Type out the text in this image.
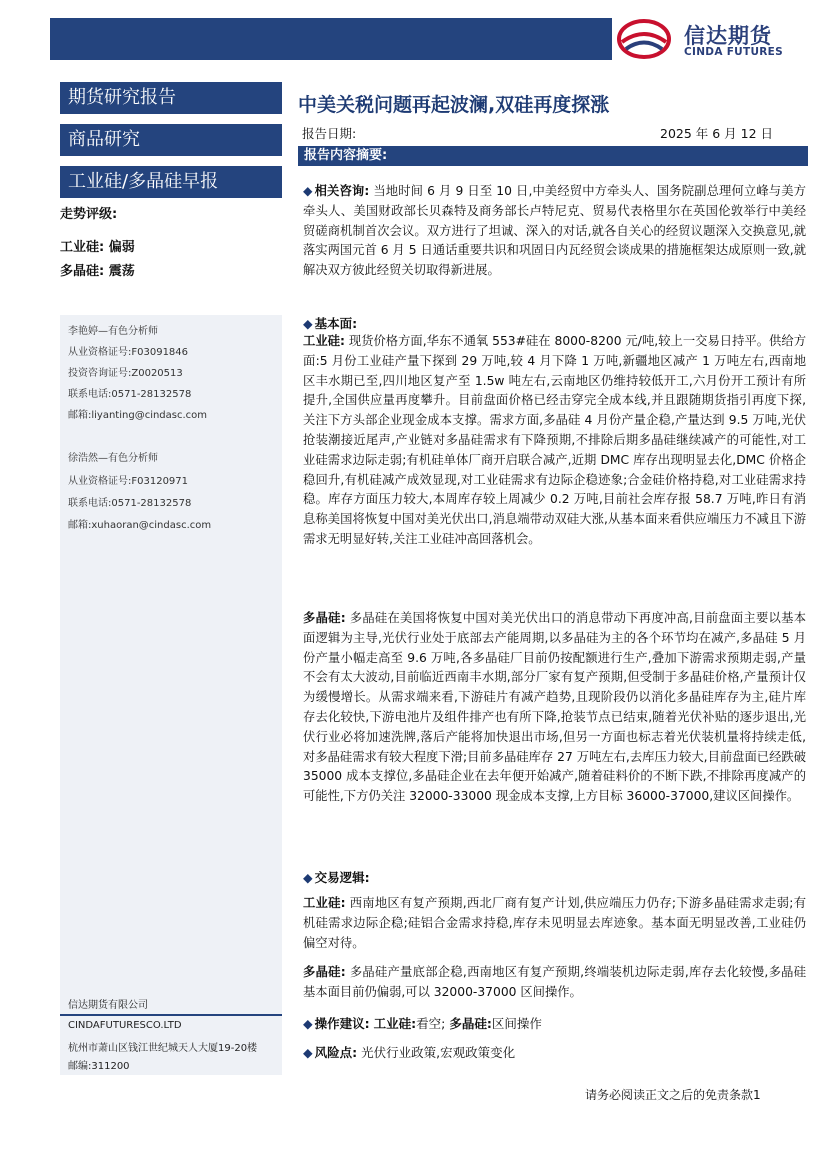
信达期货
CINDA FUTURES
期货研究报告
商品研究
工业硅/多晶硅早报
走势评级:
工业硅: 偏弱
多晶硅: 震荡
李艳婷—有色分析师
从业资格证号:F03091846
投资咨询证号:Z0020513
联系电话:0571-28132578
邮箱:liyanting@cindasc.com
徐浩然—有色分析师
从业资格证号:F03120971
联系电话:0571-28132578
邮箱:xuhaoran@cindasc.com
信达期货有限公司
CINDAFUTURESCO.LTD
杭州市萧山区钱江世纪城天人大厦19-20楼
邮编:311200
中美关税问题再起波澜,双硅再度探涨
报告日期:	2025 年 6 月 12 日
报告内容摘要:

◆ 相关咨询: 当地时间 6 月 9 日至 10 日,中美经贸中方牵头人、国务院副总理何立峰与美方牵头人、美国财政部长贝森特及商务部长卢特尼克、贸易代表格里尔在英国伦敦举行中美经贸磋商机制首次会议。双方进行了坦诚、深入的对话,就各自关心的经贸议题深入交换意见,就落实两国元首 6 月 5 日通话重要共识和巩固日内瓦经贸会谈成果的措施框架达成原则一致,就解决双方彼此经贸关切取得新进展。

◆ 基本面:

工业硅: 现货价格方面,华东不通氧 553#硅在 8000-8200 元/吨,较上一交易日持平。供给方面:5 月份工业硅产量下探到 29 万吨,较 4 月下降 1 万吨,新疆地区减产 1 万吨左右,西南地区丰水期已至,四川地区复产至 1.5w 吨左右,云南地区仍维持较低开工,六月份开工预计有所提升,全国供应量再度攀升。目前盘面价格已经击穿完全成本线,并且跟随期货指引再度下探,关注下方头部企业现金成本支撑。需求方面,多晶硅 4 月份产量企稳,产量达到 9.5 万吨,光伏抢装潮接近尾声,产业链对多晶硅需求有下降预期,不排除后期多晶硅继续减产的可能性,对工业硅需求边际走弱;有机硅单体厂商开启联合减产,近期 DMC 库存出现明显去化,DMC 价格企稳回升,有机硅减产成效显现,对工业硅需求有边际企稳迹象;合金硅价格持稳,对工业硅需求持稳。库存方面压力较大,本周库存较上周减少 0.2 万吨,目前社会库存报 58.7 万吨,昨日有消息称美国将恢复中国对美光伏出口,消息端带动双硅大涨,从基本面来看供应端压力不减且下游需求无明显好转,关注工业硅冲高回落机会。

多晶硅: 多晶硅在美国将恢复中国对美光伏出口的消息带动下再度冲高,目前盘面主要以基本面逻辑为主导,光伏行业处于底部去产能周期,以多晶硅为主的各个环节均在减产,多晶硅 5 月份产量小幅走高至 9.6 万吨,各多晶硅厂目前仍按配额进行生产,叠加下游需求预期走弱,产量不会有太大波动,目前临近西南丰水期,部分厂家有复产预期,但受制于多晶硅价格,产量预计仅为缓慢增长。从需求端来看,下游硅片有减产趋势,且现阶段仍以消化多晶硅库存为主,硅片库存去化较快,下游电池片及组件排产也有所下降,抢装节点已结束,随着光伏补贴的逐步退出,光伏行业必将加速洗牌,落后产能将加快退出市场,但另一方面也标志着光伏装机量将持续走低,对多晶硅需求有较大程度下滑;目前多晶硅库存 27 万吨左右,去库压力较大,目前盘面已经跌破 35000 成本支撑位,多晶硅企业在去年便开始减产,随着硅料价的不断下跌,不排除再度减产的可能性,下方仍关注 32000-33000 现金成本支撑,上方目标 36000-37000,建议区间操作。

◆ 交易逻辑:

工业硅: 西南地区有复产预期,西北厂商有复产计划,供应端压力仍存;下游多晶硅需求走弱;有机硅需求边际企稳;硅铝合金需求持稳,库存未见明显去库迹象。基本面无明显改善,工业硅仍偏空对待。

多晶硅: 多晶硅产量底部企稳,西南地区有复产预期,终端装机边际走弱,库存去化较慢,多晶硅基本面目前仍偏弱,可以 32000-37000 区间操作。

◆ 操作建议: 工业硅:看空; 多晶硅:区间操作
◆ 风险点: 光伏行业政策,宏观政策变化
请务必阅读正文之后的免责条款1
